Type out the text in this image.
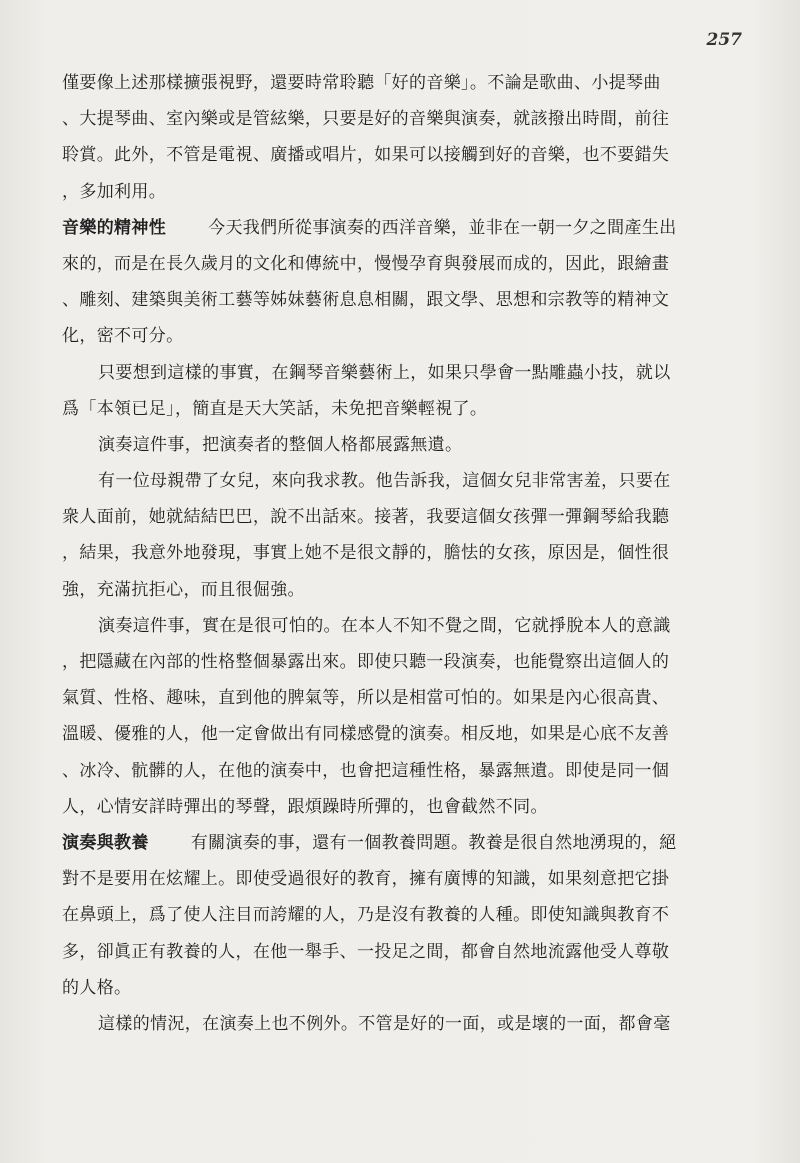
257
僅要像上述那樣擴張視野，還要時常聆聽「好的音樂」。不論是歌曲、小提琴曲
、大提琴曲、室內樂或是管絃樂，只要是好的音樂與演奏，就該撥出時間，前往
聆賞。此外，不管是電視、廣播或唱片，如果可以接觸到好的音樂，也不要錯失
，多加利用。
音樂的精神性 今天我們所從事演奏的西洋音樂，並非在一朝一夕之間產生出
來的，而是在長久歲月的文化和傳統中，慢慢孕育與發展而成的，因此，跟繪畫
、雕刻、建築與美術工藝等姊妹藝術息息相關，跟文學、思想和宗教等的精神文
化，密不可分。
只要想到這樣的事實，在鋼琴音樂藝術上，如果只學會一點雕蟲小技，就以
爲「本領已足」，簡直是天大笑話，未免把音樂輕視了。
演奏這件事，把演奏者的整個人格都展露無遺。
有一位母親帶了女兒，來向我求教。他告訴我，這個女兒非常害羞，只要在
衆人面前，她就結結巴巴，說不出話來。接著，我要這個女孩彈一彈鋼琴給我聽
，結果，我意外地發現，事實上她不是很文靜的，膽怯的女孩，原因是，個性很
強，充滿抗拒心，而且很倔強。
演奏這件事，實在是很可怕的。在本人不知不覺之間，它就掙脫本人的意識
，把隱藏在內部的性格整個暴露出來。即使只聽一段演奏，也能覺察出這個人的
氣質、性格、趣味，直到他的脾氣等，所以是相當可怕的。如果是內心很高貴、
溫暖、優雅的人，他一定會做出有同樣感覺的演奏。相反地，如果是心底不友善
、冰冷、骯髒的人，在他的演奏中，也會把這種性格，暴露無遺。即使是同一個
人，心情安詳時彈出的琴聲，跟煩躁時所彈的，也會截然不同。
演奏與教養 有關演奏的事，還有一個教養問題。教養是很自然地湧現的，絕
對不是要用在炫耀上。即使受過很好的教育，擁有廣博的知識，如果刻意把它掛
在鼻頭上，爲了使人注目而誇耀的人，乃是沒有教養的人種。即使知識與教育不
多，卻眞正有教養的人，在他一舉手、一投足之間，都會自然地流露他受人尊敬
的人格。
這樣的情況，在演奏上也不例外。不管是好的一面，或是壞的一面，都會毫
